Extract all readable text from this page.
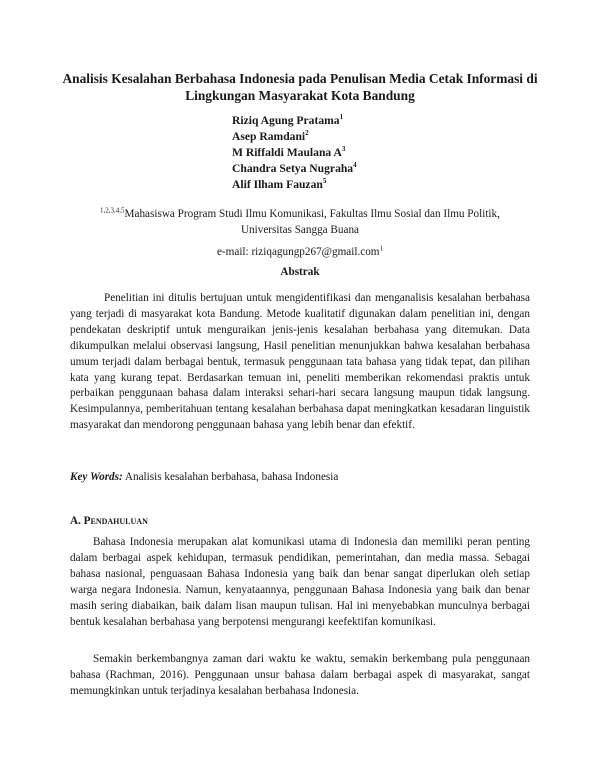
Analisis Kesalahan Berbahasa Indonesia pada Penulisan Media Cetak Informasi di Lingkungan Masyarakat Kota Bandung
Riziq Agung Pratama$^1$
Asep Ramdani$^2$
M Riffaldi Maulana $A^3$
Chandra Setya Nugraha$^4$
Alif Ilham Fauzan$^5$
$^{1,2,3,4,5}$Mahasiswa Program Studi Ilmu Komunikasi, Fakultas Ilmu Sosial dan Ilmu Politik,
Universitas Sangga Buana
e-mail: riziqagungp267@gmail.com$^1$
Abstrak

Penelitian ini ditulis bertujuan untuk mengidentifikasi dan menganalisis kesalahan berbahasa yang terjadi di masyarakat kota Bandung. Metode kualitatif digunakan dalam penelitian ini, dengan pendekatan deskriptif untuk menguraikan jenis-jenis kesalahan berbahasa yang ditemukan. Data dikumpulkan melalui observasi langsung, Hasil penelitian menunjukkan bahwa kesalahan berbahasa umum terjadi dalam berbagai bentuk, termasuk penggunaan tata bahasa yang tidak tepat, dan pilihan kata yang kurang tepat. Berdasarkan temuan ini, peneliti memberikan rekomendasi praktis untuk perbaikan penggunaan bahasa dalam interaksi sehari-hari secara langsung maupun tidak langsung. Kesimpulannya, pemberitahuan tentang kesalahan berbahasa dapat meningkatkan kesadaran linguistik masyarakat dan mendorong penggunaan bahasa yang lebih benar dan efektif.

Key Words: Analisis kesalahan berbahasa, bahasa Indonesia

A. Pendahuluan

Bahasa Indonesia merupakan alat komunikasi utama di Indonesia dan memiliki peran penting dalam berbagai aspek kehidupan, termasuk pendidikan, pemerintahan, dan media massa. Sebagai bahasa nasional, penguasaan Bahasa Indonesia yang baik dan benar sangat diperlukan oleh setiap warga negara Indonesia. Namun, kenyataannya, penggunaan Bahasa Indonesia yang baik dan benar masih sering diabaikan, baik dalam lisan maupun tulisan. Hal ini menyebabkan munculnya berbagai bentuk kesalahan berbahasa yang berpotensi mengurangi keefektifan komunikasi.

Semakin berkembangnya zaman dari waktu ke waktu, semakin berkembang pula penggunaan bahasa (Rachman, 2016). Penggunaan unsur bahasa dalam berbagai aspek di masyarakat, sangat memungkinkan untuk terjadinya kesalahan berbahasa Indonesia.
